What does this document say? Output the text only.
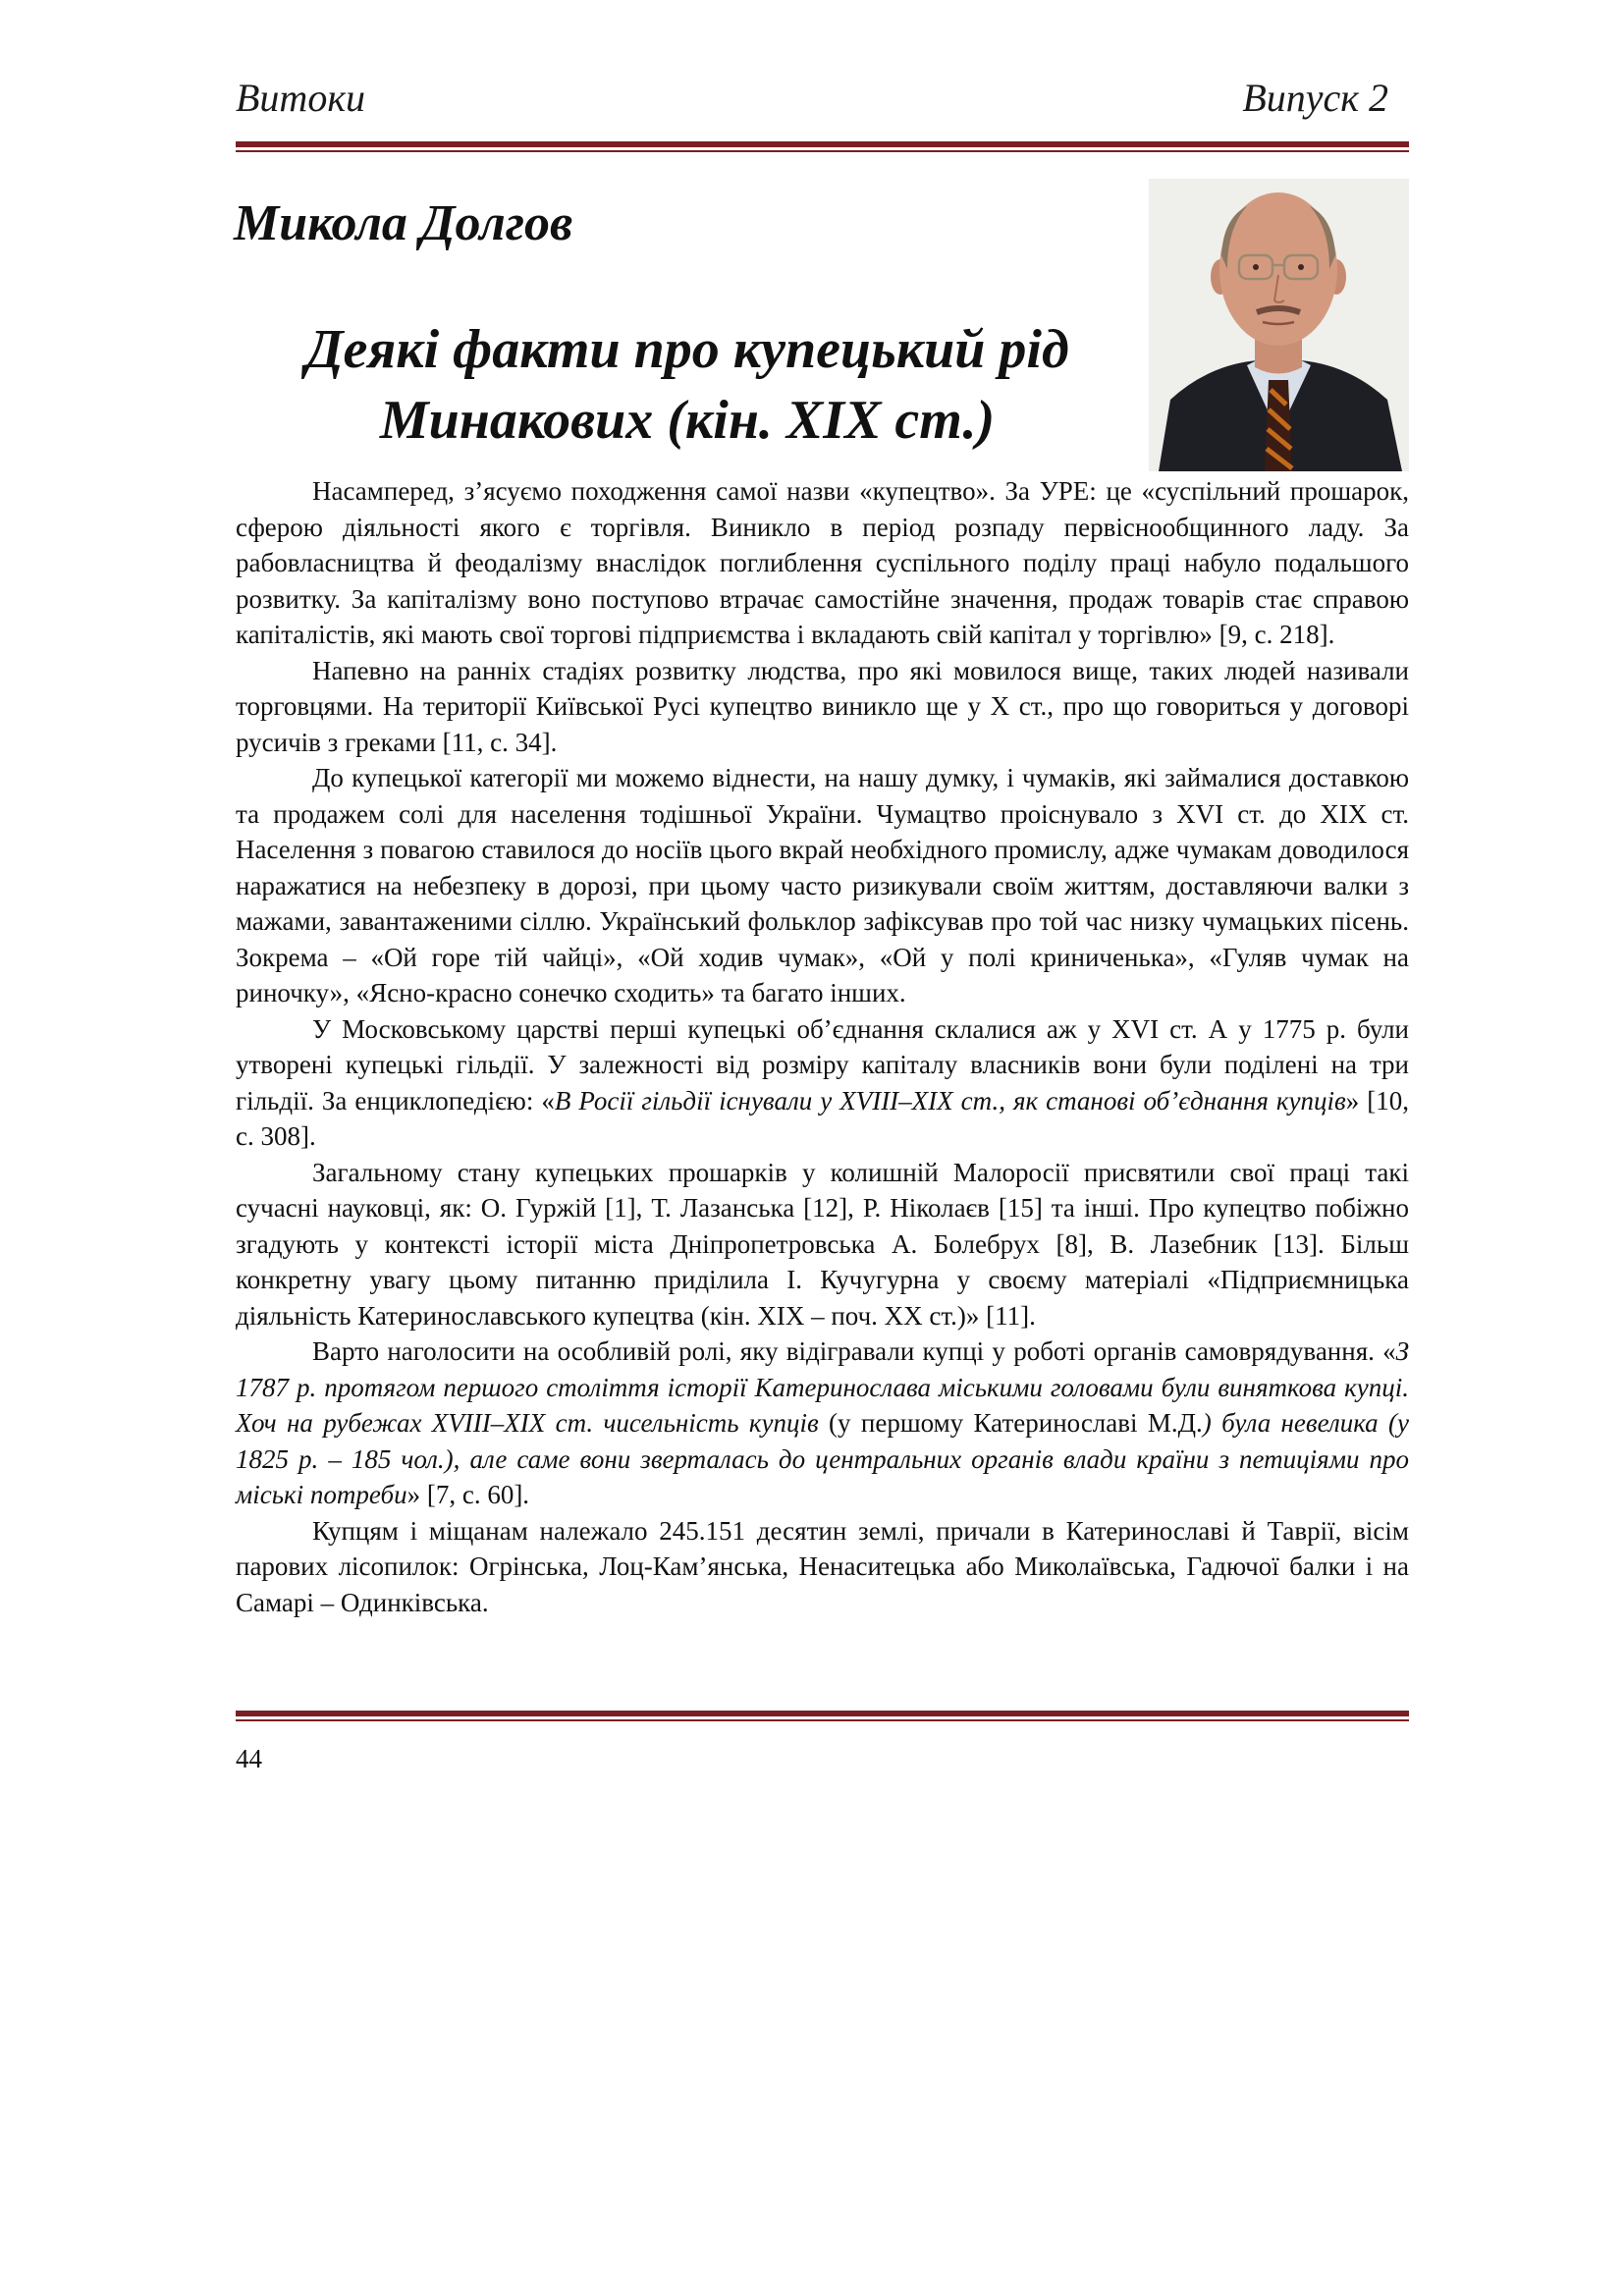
Витоки	Випуск 2
Микола Долгов
Деякі факти про купецький рід
Минакових (кін. XIX ст.)

Насамперед, з’ясуємо походження самої назви «купецтво». За УРЕ: це «суспільний прошарок, сферою діяльності якого є торгівля. Виникло в період розпаду первіснообщинного ладу. За рабовласництва й феодалізму внаслідок поглиблення суспільного поділу праці набуло подальшого розвитку. За капіталізму воно поступово втрачає самостійне значення, продаж товарів стає справою капіталістів, які мають свої торгові підприємства і вкладають свій капітал у торгівлю» [9, с. 218].

Напевно на ранніх стадіях розвитку людства, про які мовилося вище, таких людей називали торговцями. На території Київської Русі купецтво виникло ще у X ст., про що говориться у договорі русичів з греками [11, с. 34].

До купецької категорії ми можемо віднести, на нашу думку, і чумаків, які займалися доставкою та продажем солі для населення тодішньої України. Чумацтво проіснувало з XVI ст. до XIX ст. Населення з повагою ставилося до носіїв цього вкрай необхідного промислу, адже чумакам доводилося наражатися на небезпеку в дорозі, при цьому часто ризикували своїм життям, доставляючи валки з мажами, завантаженими сіллю. Український фольклор зафіксував про той час низку чумацьких пісень. Зокрема – «Ой горе тій чайці», «Ой ходив чумак», «Ой у полі криниченька», «Гуляв чумак на риночку», «Ясно-красно сонечко сходить» та багато інших.

У Московському царстві перші купецькі об’єднання склалися аж у XVI ст. А у 1775 р. були утворені купецькі гільдії. У залежності від розміру капіталу власників вони були поділені на три гільдії. За енциклопедією: «В Росії гільдії існували у XVIII–XIX ст., як станові об’єднання купців» [10, с. 308].

Загальному стану купецьких прошарків у колишній Малоросії присвятили свої праці такі сучасні науковці, як: О. Гуржій [1], Т. Лазанська [12], Р. Ніколаєв [15] та інші. Про купецтво побіжно згадують у контексті історії міста Дніпропетровська А. Болебрух [8], В. Лазебник [13]. Більш конкретну увагу цьому питанню приділила І. Кучугурна у своєму матеріалі «Підприємницька діяльність Катеринославського купецтва (кін. XIX – поч. XX ст.)» [11].

Варто наголосити на особливій ролі, яку відігравали купці у роботі органів самоврядування. «З 1787 р. протягом першого століття історії Катеринослава міськими головами були виняткова купці. Хоч на рубежах XVIII–XIX ст. чисельність купців (у першому Катеринославі М.Д.) була невелика (у 1825 р. – 185 чол.), але саме вони зверталась до центральних органів влади країни з петиціями про міські потреби» [7, с. 60].

Купцям і міщанам належало 245.151 десятин землі, причали в Катеринославі й Таврії, вісім парових лісопилок: Огрінська, Лоц-Кам’янська, Ненаситецька або Миколаївська, Гадючої балки і на Самарі – Одинківська.

44
